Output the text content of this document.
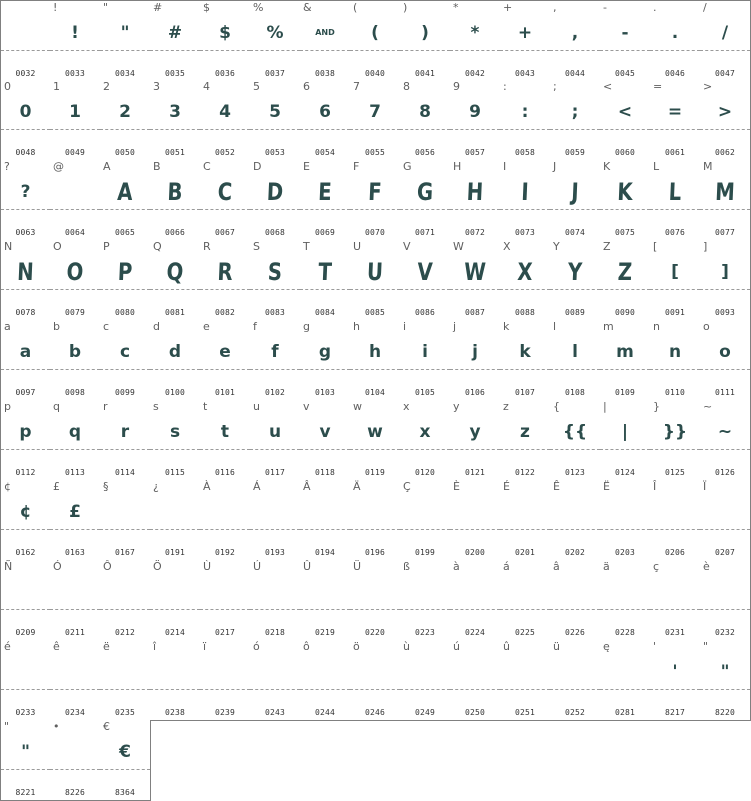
0032
!
!
0033
"
"
0034
#
#
0035
$
$
0036
%
%
0037
&
AND
0038
(
(
0040
)
)
0041
*
*
0042
+
+
0043
,
,
0044
-
-
0045
.
.
0046
/
/
0047
0
0
0048
1
1
0049
2
2
0050
3
3
0051
4
4
0052
5
5
0053
6
6
0054
7
7
0055
8
8
0056
9
9
0057
:
:
0058
;
;
0059
<
<
0060
=
=
0061
>
>
0062
?
?
0063
@
0064
A
A
0065
B
B
0066
C
C
0067
D
D
0068
E
E
0069
F
F
0070
G
G
0071
H
H
0072
I
I
0073
J
J
0074
K
K
0075
L
L
0076
M
M
0077
N
N
0078
O
O
0079
P
P
0080
Q
Q
0081
R
R
0082
S
S
0083
T
T
0084
U
U
0085
V
V
0086
W
W
0087
X
X
0088
Y
Y
0089
Z
Z
0090
[
[
0091
]
]
0093
a
a
0097
b
b
0098
c
c
0099
d
d
0100
e
e
0101
f
f
0102
g
g
0103
h
h
0104
i
i
0105
j
j
0106
k
k
0107
l
l
0108
m
m
0109
n
n
0110
o
o
0111
p
p
0112
q
q
0113
r
r
0114
s
s
0115
t
t
0116
u
u
0117
v
v
0118
w
w
0119
x
x
0120
y
y
0121
z
z
0122
{
{{
0123
|
|
0124
}
}}
0125
~
~
0126
¢
¢
0162
£
£
0163
§
0167
¿
0191
À
0192
Á
0193
Â
0194
Ä
0196
Ç
0199
È
0200
É
0201
Ê
0202
Ë
0203
Î
0206
Ï
0207
Ñ
0209
Ó
0211
Ô
0212
Ö
0214
Ù
0217
Ú
0218
Û
0219
Ü
0220
ß
0223
à
0224
á
0225
â
0226
ä
0228
ç
0231
è
0232
é
0233
ê
0234
ë
0235
î
0238
ï
0239
ó
0243
ô
0244
ö
0246
ù
0249
ú
0250
û
0251
ü
0252
ę
0281
'
'
8217
"
"
8220
"
"
8221
•
8226
€
€
8364
